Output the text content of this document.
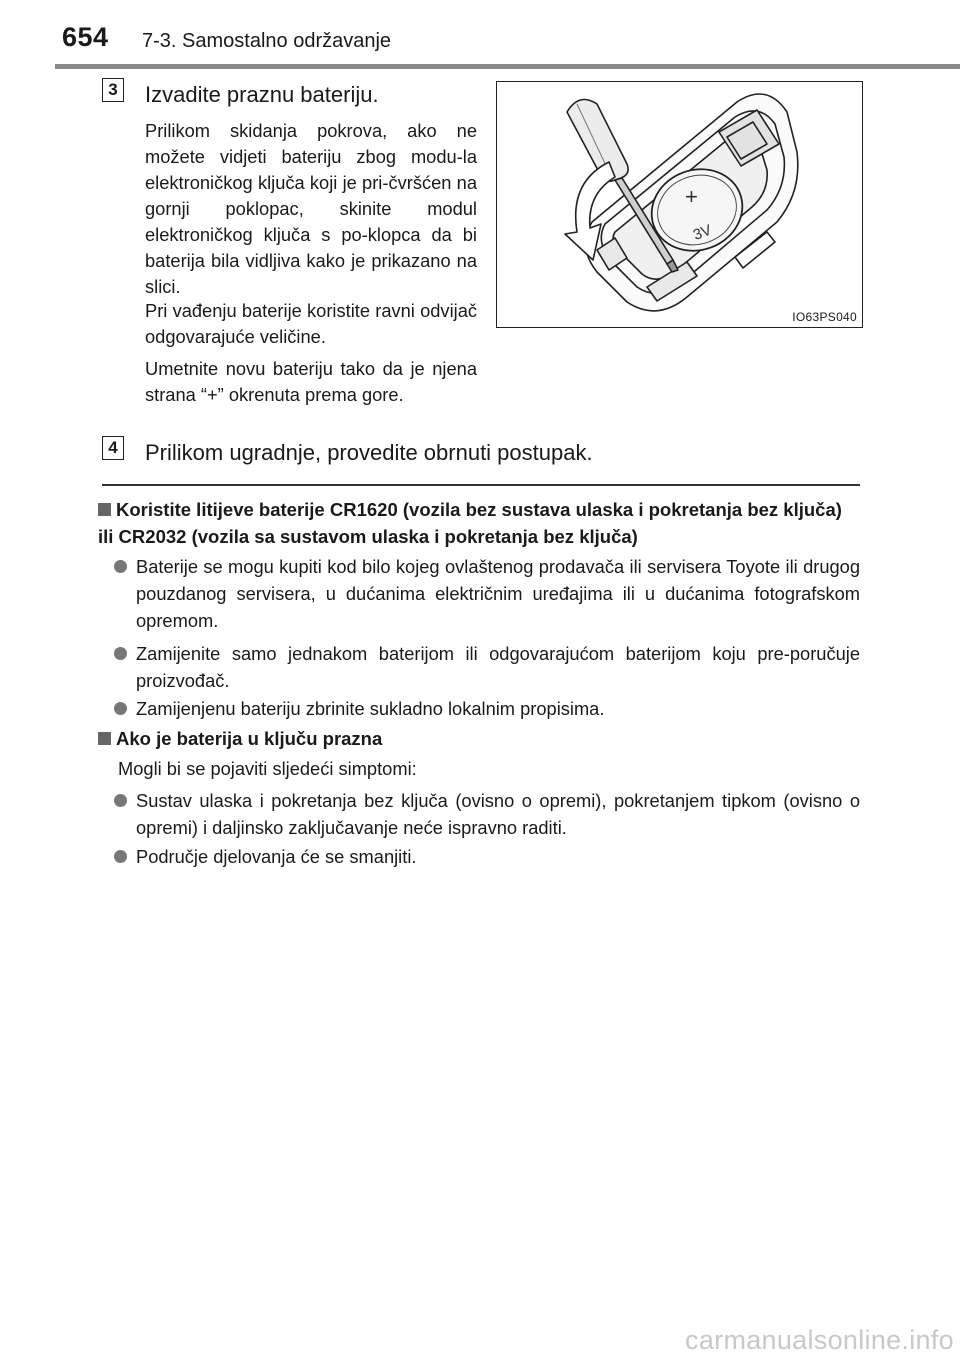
654 7-3. Samostalno održavanje
3 Izvadite praznu bateriju.
Prilikom skidanja pokrova, ako ne možete vidjeti bateriju zbog modu-la elektroničkog ključa koji je pri-čvršćen na gornji poklopac, skinite modul elektroničkog ključa s po-klopca da bi baterija bila vidljiva kako je prikazano na slici.
Pri vađenju baterije koristite ravni odvijač odgovarajuće veličine.
Umetnite novu bateriju tako da je njena strana “+” okrenuta prema gore.
+
3V
IO63PS040
4 Prilikom ugradnje, provedite obrnuti postupak.
Koristite litijeve baterije CR1620 (vozila bez sustava ulaska i pokretanja bez ključa) ili CR2032 (vozila sa sustavom ulaska i pokretanja bez ključa)
Baterije se mogu kupiti kod bilo kojeg ovlaštenog prodavača ili servisera Toyote ili drugog pouzdanog servisera, u dućanima električnim uređajima ili u dućanima fotografskom opremom.
Zamijenite samo jednakom baterijom ili odgovarajućom baterijom koju pre-poručuje proizvođač.
Zamijenjenu bateriju zbrinite sukladno lokalnim propisima.
Ako je baterija u ključu prazna
Mogli bi se pojaviti sljedeći simptomi:
Sustav ulaska i pokretanja bez ključa (ovisno o opremi), pokretanjem tipkom (ovisno o opremi) i daljinsko zaključavanje neće ispravno raditi.
Područje djelovanja će se smanjiti.
carmanualsonline.info
